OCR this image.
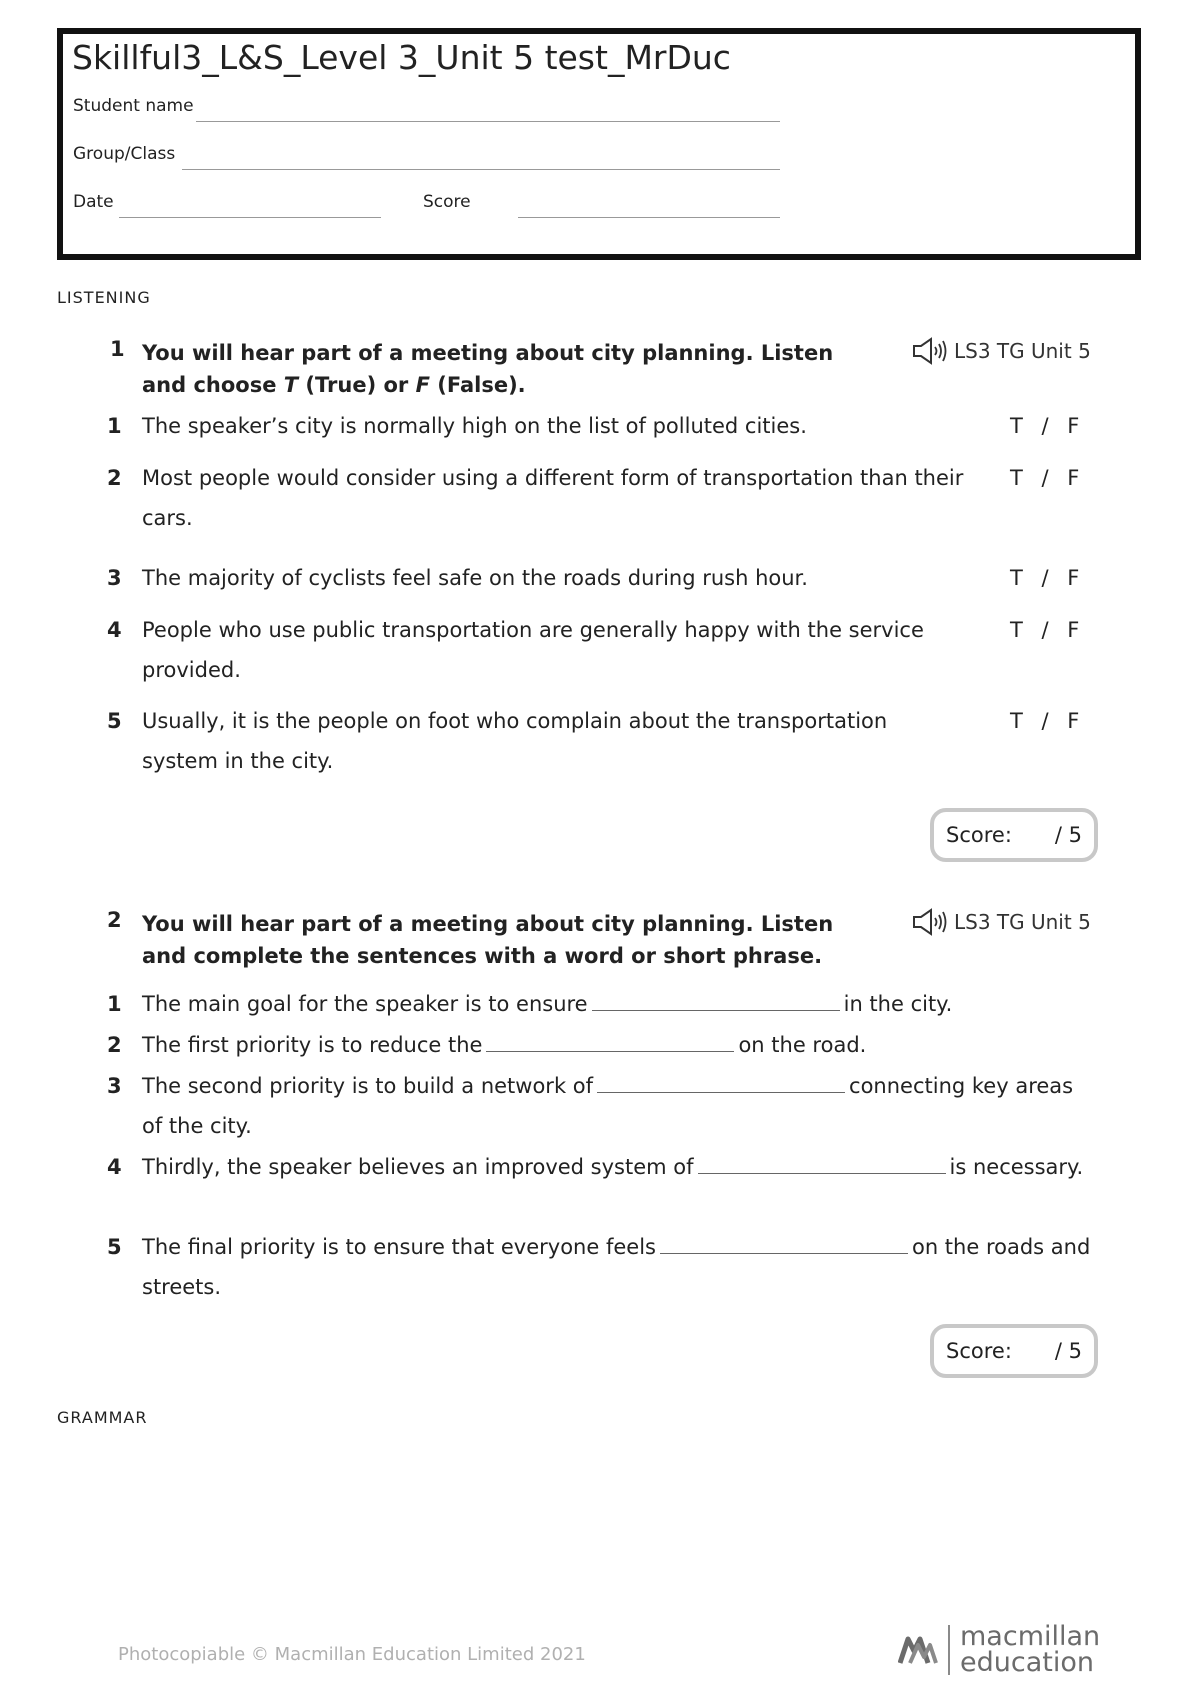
Skillful3_L&S_Level 3_Unit 5 test_MrDuc
Student name
Group/Class
Date	Score
LISTENING
1 You will hear part of a meeting about city planning. Listen and choose T (True) or F (False).
LS3 TG Unit 5
1 The speaker’s city is normally high on the list of polluted cities.	T / F
2 Most people would consider using a different form of transportation than their cars.
T / F
3 The majority of cyclists feel safe on the roads during rush hour.	T / F
4 People who use public transportation are generally happy with the service provided.
T / F
5 Usually, it is the people on foot who complain about the transportation system in the city.
T / F
Score: / 5
2 You will hear part of a meeting about city planning. Listen and complete the sentences with a word or short phrase.
LS3 TG Unit 5
1 The main goal for the speaker is to ensure	in the city.
2 The first priority is to reduce the	on the road.
3 The second priority is to build a network of	connecting key areas of the city.
4 Thirdly, the speaker believes an improved system of	is necessary.
5 The final priority is to ensure that everyone feels	on the roads and streets.
Score: / 5
GRAMMAR
Photocopiable © Macmillan Education Limited 2021
macmillan
education
